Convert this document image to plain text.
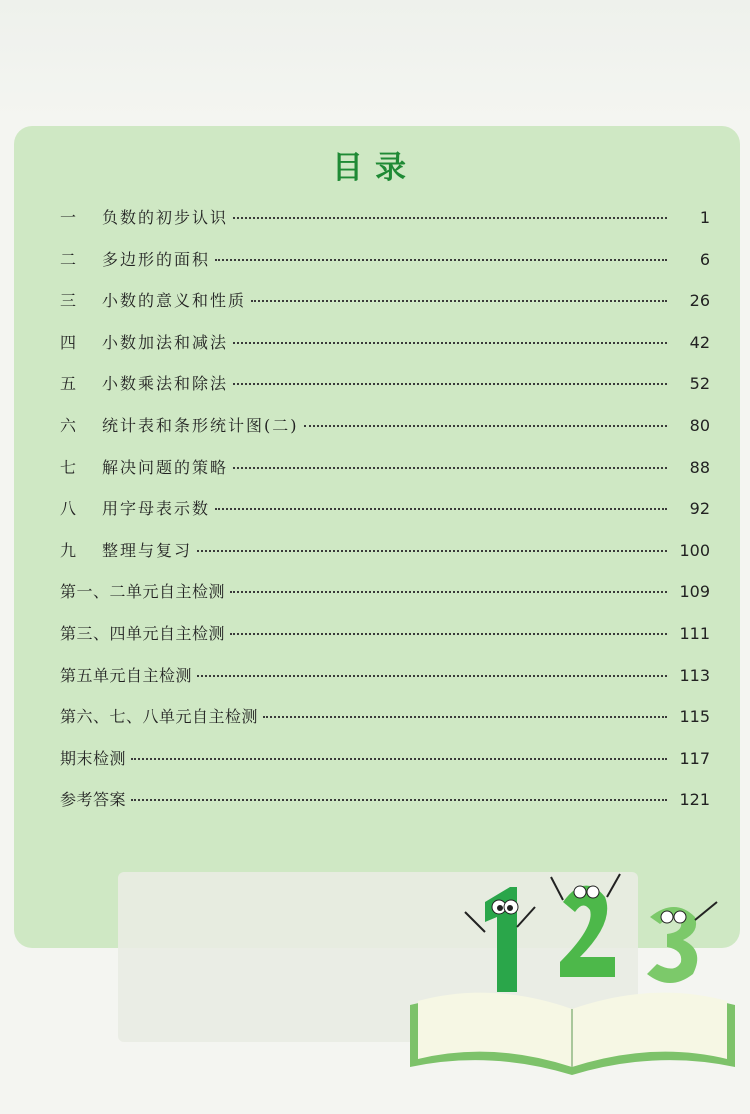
目录
一	负数的初步认识	1
二	多边形的面积	6
三	小数的意义和性质	26
四	小数加法和减法	42
五	小数乘法和除法	52
六	统计表和条形统计图(二)	80
七	解决问题的策略	88
八	用字母表示数	92
九	整理与复习	100
第一、二单元自主检测	109
第三、四单元自主检测	111
第五单元自主检测	113
第六、七、八单元自主检测	115
期末检测	117
参考答案	121
